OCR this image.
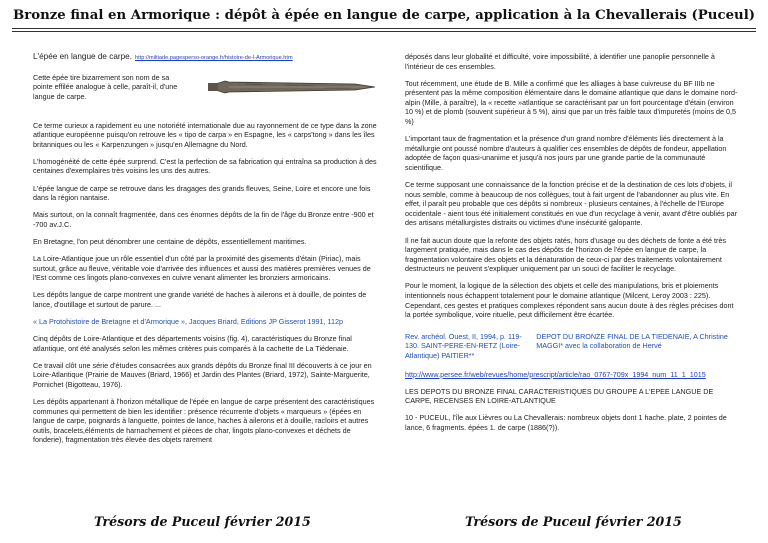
Bronze final en Armorique : dépôt à épée en langue de carpe, application à la Chevallerais (Puceul)

L'épée en langue de carpe. http://miltiade.pagesperso-orange.fr/histoire-de-l-Armorique.htm

Cette épée tire bizarrement son nom de sa pointe effilée analogue à celle, paraît-il, d'une langue de carpe.

Ce terme curieux a rapidement eu une notoriété internationale due au rayonnement de ce type dans la zone atlantique européenne puisqu'on retrouve les « tipo de carpa » en Espagne, les « carps'tong » dans les îles britanniques ou les « Karpenzungen » jusqu'en Allemagne du Nord.

L'homogénéité de cette épée surprend. C'est la perfection de sa fabrication qui entraîna sa production à des centaines d'exemplaires très voisins les uns des autres.

L'épée langue de carpe se retrouve dans les dragages des grands fleuves, Seine, Loire et encore une fois dans la région nantaise.

Mais surtout, on la connaît fragmentée, dans ces énormes dépôts de la fin de l'âge du Bronze entre -900 et -700 av.J.C.

En Bretagne, l'on peut dénombrer une centaine de dépôts, essentiellement maritimes.

La Loire-Atlantique joue un rôle essentiel d'un côté par la proximité des gisements d'étain (Piriac), mais surtout, grâce au fleuve, véritable voie d'arrivée des influences et aussi des matières premières venues de l'Est comme ces lingots plano-convexes en cuivre venant alimenter les bronziers armoricains.

Les dépôts langue de carpe montrent une grande variété de haches à ailerons et à douille, de pointes de lance, d'outillage et surtout de parure. ...

« La Protohistoire de Bretagne et d'Armorique », Jacques Briard, Editions JP Gisserot 1991, 112p

Cinq dépôts de Loire-Atlantique et des départements voisins (fig. 4), caractéristiques du Bronze final atlantique, ont été analysés selon les mêmes critères puis comparés à la cachette de La Tiédenaie.

Ce travail clôt une série d'études consacrées aux grands dépôts du Bronze final III découverts à ce jour en Loire-Atlantique (Prairie de Mauves (Briard, 1966) et Jardin des Plantes (Briard, 1972), Sainte-Marguerite, Pornichet (Bigotteau, 1976).

Les dépôts appartenant à l'horizon métallique de l'épée en langue de carpe présentent des caractéristiques communes qui permettent de bien les identifier : présence récurrente d'objets « marqueurs » (épées en langue de carpe, poignards à languette, pointes de lance, haches à ailerons et à douille, racloirs et autres outils, bracelets,éléments de harnachement et pièces de char, lingots plano-convexes et déchets de fonderie), fragmentation très élevée des objets rarement

déposés dans leur globalité et difficulté, voire impossibilité, à identifier une panoplie personnelle à l'intérieur de ces ensembles.

Tout récemment, une étude de B. Mille a confirmé que les alliages à base cuivreuse du BF IIIb ne présentent pas la même composition élémentaire dans le domaine atlantique que dans le domaine nord-alpin (Mille, à paraître), la « recette »atlantique se caractérisant par un fort pourcentage d'étain (environ 10 %) et de plomb (souvent supérieur à 5 %), ainsi que par un très faible taux d'impuretés (moins de 0,5 %)

L'important taux de fragmentation et la présence d'un grand nombre d'éléments liés directement à la métallurgie ont poussé nombre d'auteurs à qualifier ces ensembles de dépôts de fondeur, appellation adoptée de façon quasi-unanime et jusqu'à nos jours par une grande partie de la communauté scientifique.

Ce terme supposant une connaissance de la fonction précise et de la destination de ces lots d'objets, il nous semble, comme à beaucoup de nos collègues, tout à fait urgent de l'abandonner au plus vite. En effet, il paraît peu probable que ces dépôts si nombreux - plusieurs centaines, à l'échelle de l'Europe occidentale - aient tous été initialement constitués en vue d'un recyclage à venir, avant d'être oubliés par des artisans métallurgistes distraits ou victimes d'une insécurité galopante.

Il ne fait aucun doute que la refonte des objets ratés, hors d'usage ou des déchets de fonte a été très largement pratiquée, mais dans le cas des dépôts de l'horizon de l'épée en langue de carpe, la fragmentation volontaire des objets et la dénaturation de ceux-ci par des traitements volontairement destructeurs ne peuvent s'expliquer uniquement par un souci de faciliter le recyclage.

Pour le moment, la logique de la sélection des objets et celle des manipulations, bris et ploiements intentionnels nous échappent totalement pour le domaine atlantique (Milcent, Leroy 2003 : 225). Cependant, ces gestes et pratiques complexes répondent sans aucun doute à des règles précises dont la portée symbolique, voire rituelle, peut difficilement être écartée.

Rev. archéol. Ouest, II, 1994, p. 119-130. SAINT-PERE-EN-RETZ (Loire-Atlantique) PAITIER**
DEPOT DU BRONZE FINAL DE LA TIEDENAIE, A Christine MAGGI* avec la collaboration de Hervé

http://www.persee.fr/web/revues/home/prescript/article/rao_0767-709x_1994_num_11_1_1015

LES DEPOTS DU BRONZE FINAL CARACTERISTIQUES DU GROUPE A L'EPEE LANGUE DE CARPE, RECENSES EN LOIRE-ATLANTIQUE

10 - PUCEUL, l'île aux Lièvres ou La Chevallerais: nombreux objets dont 1 hache. plate, 2 pointes de lance, 6 fragments. épées 1. de carpe (1886(?)).

Trésors de Puceul février 2015	Trésors de Puceul février 2015
